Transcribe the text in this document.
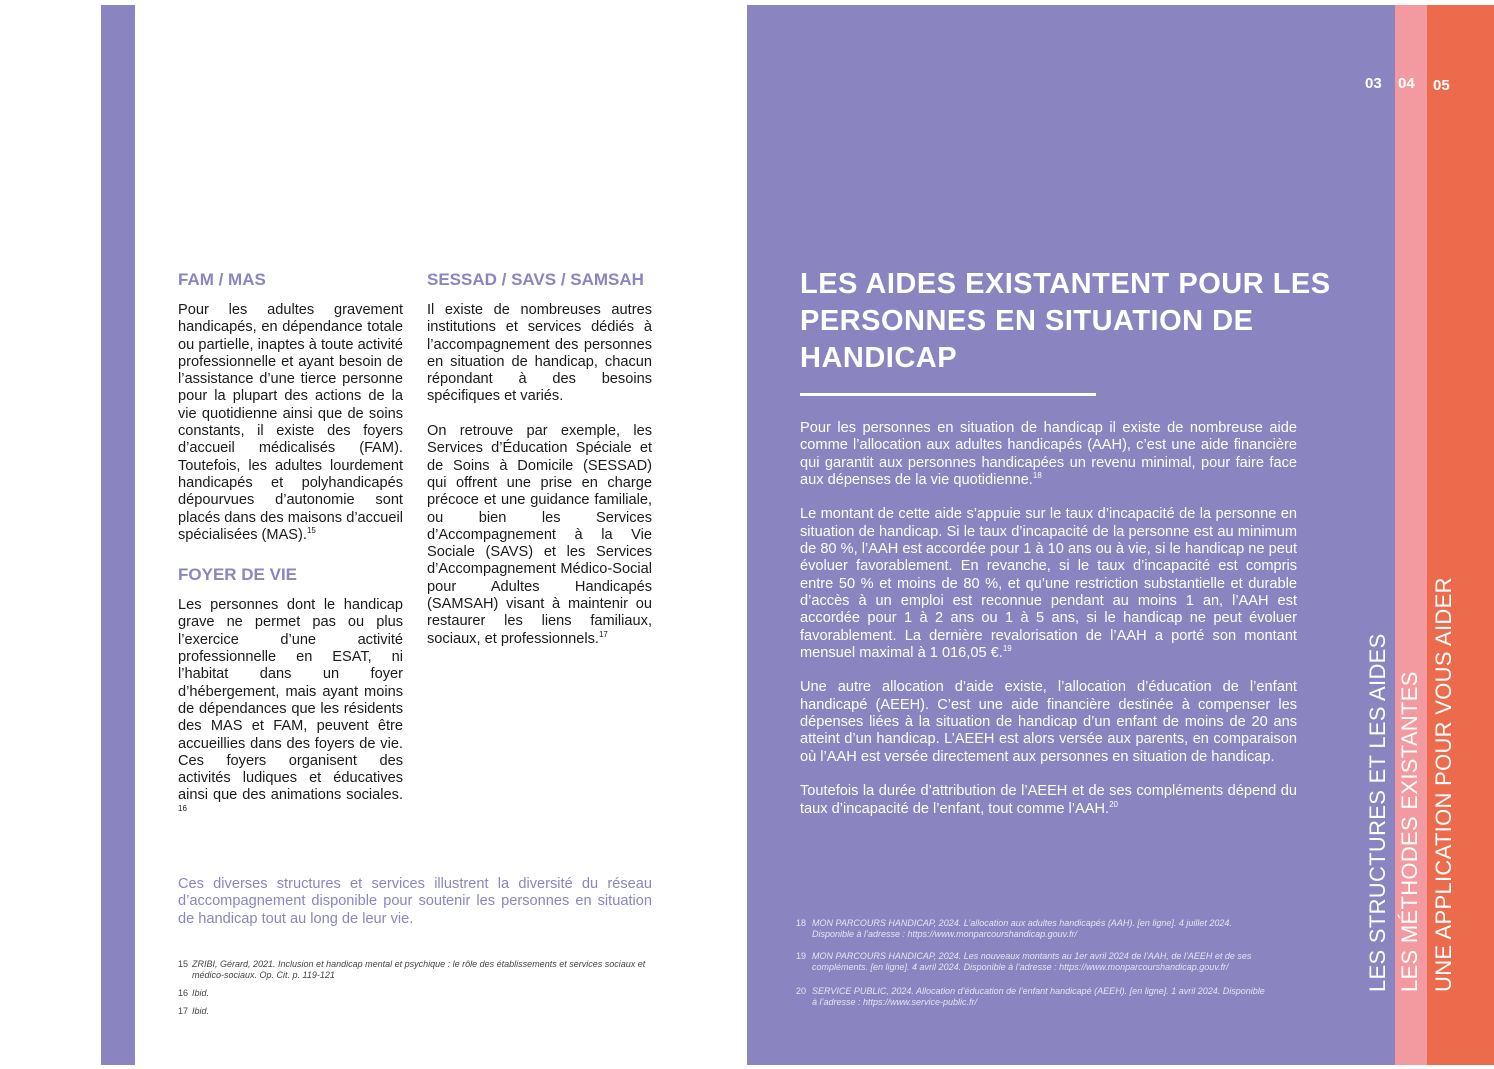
FAM / MAS

Pour les adultes gravement handicapés, en dépendance totale ou partielle, inaptes à toute activité professionnelle et ayant besoin de l’assistance d’une tierce personne pour la plupart des actions de la vie quotidienne ainsi que de soins constants, il existe des foyers d’accueil médicalisés (FAM). Toutefois, les adultes lourdement handicapés et polyhandicapés dépourvues d’autonomie sont placés dans des maisons d’accueil spécialisées (MAS).$^{15}$

FOYER DE VIE

Les personnes dont le handicap grave ne permet pas ou plus l’exercice d’une activité professionnelle en ESAT, ni l’habitat dans un foyer d’hébergement, mais ayant moins de dépendances que les résidents des MAS et FAM, peuvent être accueillies dans des foyers de vie. Ces foyers organisent des activités ludiques et éducatives ainsi que des animations sociales. $^{16}$

SESSAD / SAVS / SAMSAH

Il existe de nombreuses autres institutions et services dédiés à l’accompagnement des personnes en situation de handicap, chacun répondant à des besoins spécifiques et variés.

On retrouve par exemple, les Services d’Éducation Spéciale et de Soins à Domicile (SESSAD) qui offrent une prise en charge précoce et une guidance familiale, ou bien les Services d’Accompagnement à la Vie Sociale (SAVS) et les Services d’Accompagnement Médico-Social pour Adultes Handicapés (SAMSAH) visant à maintenir ou restaurer les liens familiaux, sociaux, et professionnels.$^{17}$

Ces diverses structures et services illustrent la diversité du réseau d’accompagnement disponible pour soutenir les personnes en situation de handicap tout au long de leur vie.

15 ZRIBI, Gérard, 2021. Inclusion et handicap mental et psychique : le rôle des établissements et services sociaux et médico-sociaux. Op. Cit. p. 119-121
16 Ibid.
17 Ibid.
03 04 05
LES STRUCTURES ET LES AIDES LES MÉTHODES EXISTANTES UNE APPLICATION POUR VOUS AIDER
LES AIDES EXISTANTENT POUR LES PERSONNES EN SITUATION DE HANDICAP

Pour les personnes en situation de handicap il existe de nombreuse aide comme l’allocation aux adultes handicapés (AAH), c’est une aide financière qui garantit aux personnes handicapées un revenu minimal, pour faire face aux dépenses de la vie quotidienne.$^{18}$

Le montant de cette aide s’appuie sur le taux d’incapacité de la personne en situation de handicap. Si le taux d’incapacité de la personne est au minimum de 80 %, l’AAH est accordée pour 1 à 10 ans ou à vie, si le handicap ne peut évoluer favorablement. En revanche, si le taux d’incapacité est compris entre 50 % et moins de 80 %, et qu’une restriction substantielle et durable d’accès à un emploi est reconnue pendant au moins 1 an, l’AAH est accordée pour 1 à 2 ans ou 1 à 5 ans, si le handicap ne peut évoluer favorablement. La dernière revalorisation de l’AAH a porté son montant mensuel maximal à 1 016,05 €.$^{19}$

Une autre allocation d’aide existe, l’allocation d’éducation de l’enfant handicapé (AEEH). C’est une aide financière destinée à compenser les dépenses liées à la situation de handicap d’un enfant de moins de 20 ans atteint d’un handicap. L’AEEH est alors versée aux parents, en comparaison où l’AAH est versée directement aux personnes en situation de handicap.

Toutefois la durée d’attribution de l’AEEH et de ses compléments dépend du taux d’incapacité de l’enfant, tout comme l’AAH.$^{20}$

18 MON PARCOURS HANDICAP, 2024. L’allocation aux adultes handicapés (AAH). [en ligne]. 4 juillet 2024. Disponible à l’adresse : https://www.monparcourshandicap.gouv.fr/
19 MON PARCOURS HANDICAP, 2024. Les nouveaux montants au 1er avril 2024 de l’AAH, de l’AEEH et de ses compléments. [en ligne]. 4 avril 2024. Disponible à l’adresse : https://www.monparcourshandicap.gouv.fr/
20 SERVICE PUBLIC, 2024. Allocation d’éducation de l’enfant handicapé (AEEH). [en ligne]. 1 avril 2024. Disponible à l’adresse : https://www.service-public.fr/
